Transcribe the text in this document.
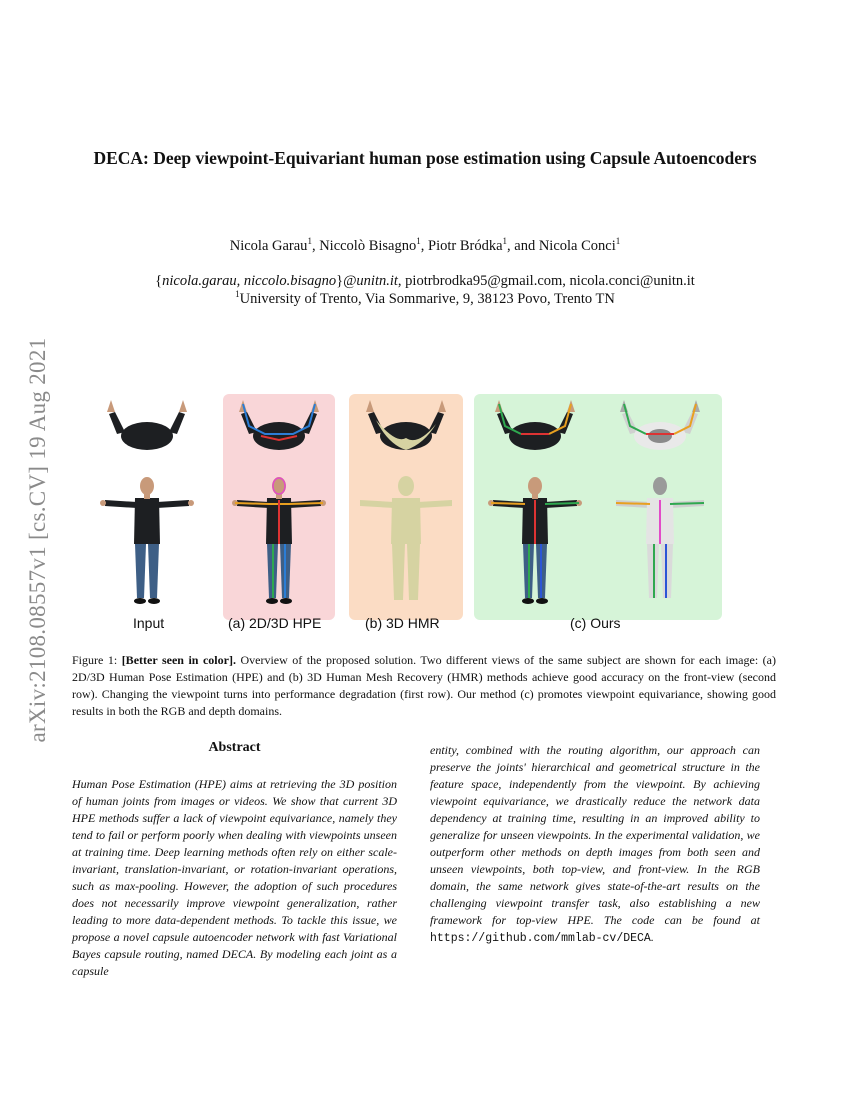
arXiv:2108.08557v1 [cs.CV] 19 Aug 2021
DECA: Deep viewpoint-Equivariant human pose estimation using Capsule Autoencoders
Nicola Garau$^1$, Niccolò Bisagno$^1$, Piotr Bródka$^1$, and Nicola Conci$^1$
{nicola.garau, niccolo.bisagno}@unitn.it, piotrbrodka95@gmail.com, nicola.conci@unitn.it
$^1$University of Trento, Via Sommarive, 9, 38123 Povo, Trento TN
Input	(a) 2D/3D HPE	(b) 3D HMR	(c) Ours
Figure 1: [Better seen in color]. Overview of the proposed solution. Two different views of the same subject are shown for each image: (a) 2D/3D Human Pose Estimation (HPE) and (b) 3D Human Mesh Recovery (HMR) methods achieve good accuracy on the front-view (second row). Changing the viewpoint turns into performance degradation (first row). Our method (c) promotes viewpoint equivariance, showing good results in both the RGB and depth domains.
Abstract
Human Pose Estimation (HPE) aims at retrieving the 3D position of human joints from images or videos. We show that current 3D HPE methods suffer a lack of viewpoint equivariance, namely they tend to fail or perform poorly when dealing with viewpoints unseen at training time. Deep learning methods often rely on either scale-invariant, translation-invariant, or rotation-invariant operations, such as max-pooling. However, the adoption of such procedures does not necessarily improve viewpoint generalization, rather leading to more data-dependent methods. To tackle this issue, we propose a novel capsule autoencoder network with fast Variational Bayes capsule routing, named DECA. By modeling each joint as a capsule
entity, combined with the routing algorithm, our approach can preserve the joints' hierarchical and geometrical structure in the feature space, independently from the viewpoint. By achieving viewpoint equivariance, we drastically reduce the network data dependency at training time, resulting in an improved ability to generalize for unseen viewpoints. In the experimental validation, we outperform other methods on depth images from both seen and unseen viewpoints, both top-view, and front-view. In the RGB domain, the same network gives state-of-the-art results on the challenging viewpoint transfer task, also establishing a new framework for top-view HPE. The code can be found at https://github.com/mmlab-cv/DECA.
